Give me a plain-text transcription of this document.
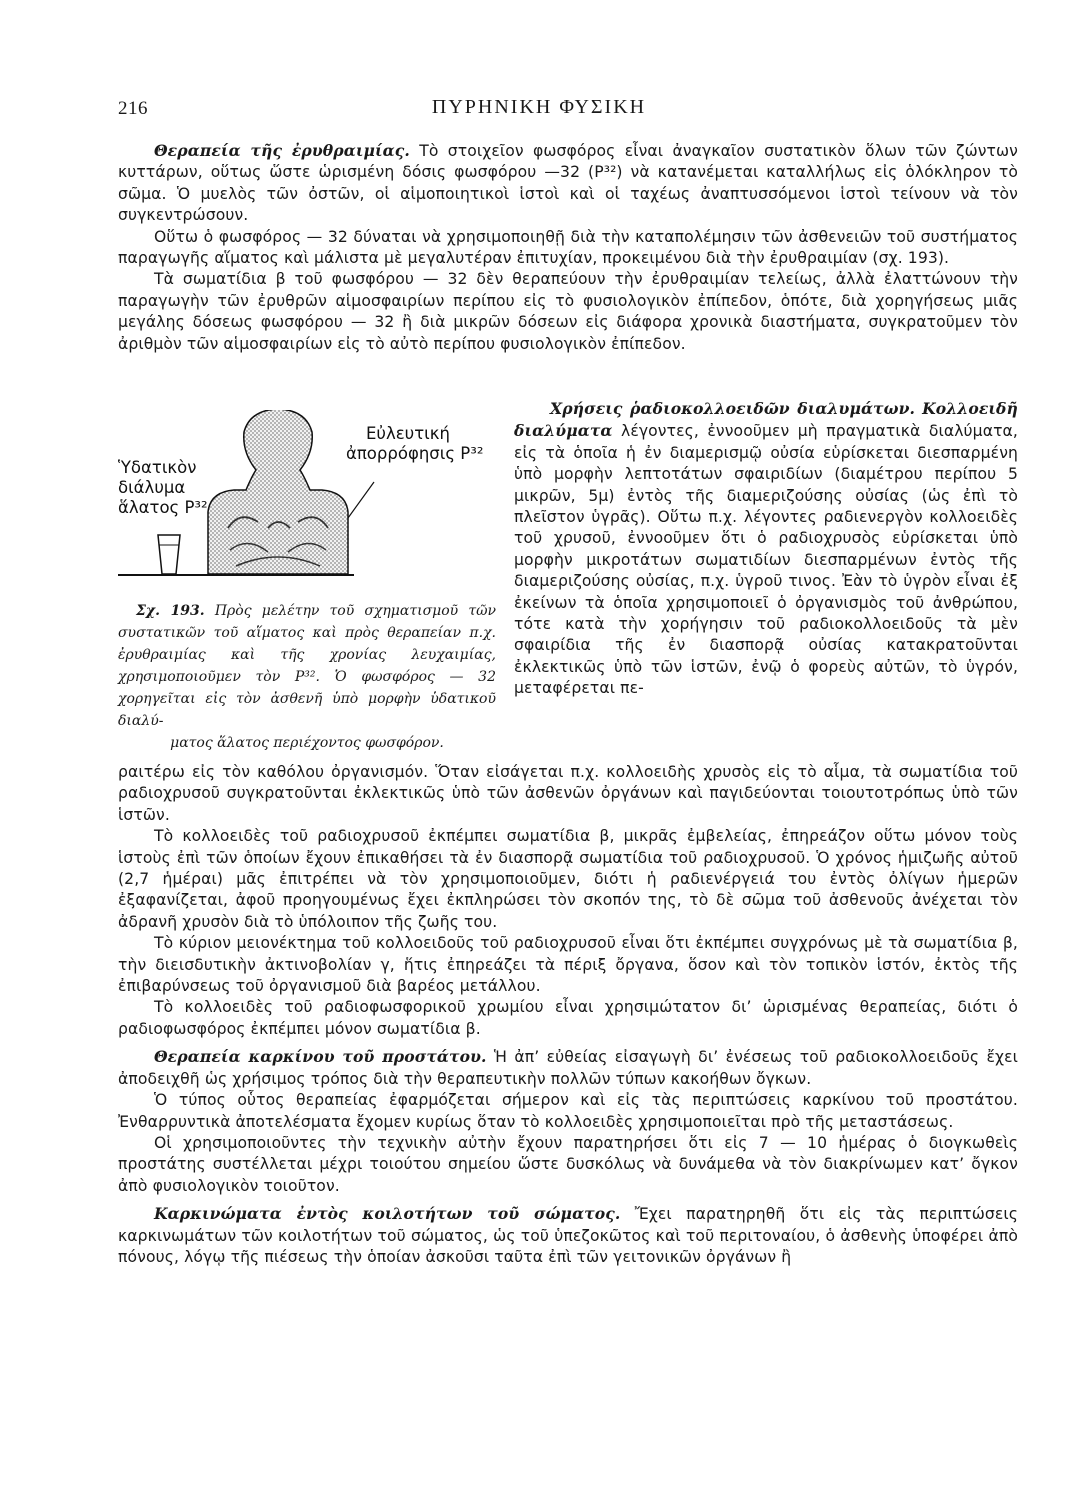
216	ΠΥΡΗΝΙΚΗ ΦΥΣΙΚΗ

Θεραπεία τῆς ἐρυθραιμίας. Τὸ στοιχεῖον φωσφόρος εἶναι ἀναγκαῖον συστατικὸν ὅλων τῶν ζώντων κυττάρων, οὕτως ὥστε ὡρισμένη δόσις φωσφόρου —32 (P³²) νὰ κατανέμεται καταλλήλως εἰς ὁλόκληρον τὸ σῶμα. Ὁ μυελὸς τῶν ὀστῶν, οἱ αἱμοποιητικοὶ ἱστοὶ καὶ οἱ ταχέως ἀναπτυσσόμενοι ἱστοὶ τείνουν νὰ τὸν συγκεντρώσουν.

Οὕτω ὁ φωσφόρος — 32 δύναται νὰ χρησιμοποιηθῇ διὰ τὴν καταπολέμησιν τῶν ἀσθενειῶν τοῦ συστήματος παραγωγῆς αἵματος καὶ μάλιστα μὲ μεγαλυτέραν ἐπιτυχίαν, προκειμένου διὰ τὴν ἐρυθραιμίαν (σχ. 193).

Τὰ σωματίδια β τοῦ φωσφόρου — 32 δὲν θεραπεύουν τὴν ἐρυθραιμίαν τελείως, ἀλλὰ ἐλαττώνουν τὴν παραγωγὴν τῶν ἐρυθρῶν αἱμοσφαιρίων περίπου εἰς τὸ φυσιολογικὸν ἐπίπεδον, ὁπότε, διὰ χορηγήσεως μιᾶς μεγάλης δόσεως φωσφόρου — 32 ἢ διὰ μικρῶν δόσεων εἰς διάφορα χρονικὰ διαστήματα, συγκρατοῦμεν τὸν ἀριθμὸν τῶν αἱμοσφαιρίων εἰς τὸ αὐτὸ περίπου φυσιολογικὸν ἐπίπεδον.

Χρήσεις ῥαδιοκολλοειδῶν διαλυμάτων. Κολλοειδῆ διαλύματα λέγοντες, ἐννοοῦμεν μὴ πραγματικὰ διαλύματα, εἰς τὰ ὁποῖα ἡ ἐν διαμερισμῷ οὐσία εὑρίσκεται διεσπαρμένη ὑπὸ μορφὴν λεπτοτάτων σφαιριδίων (διαμέτρου περίπου 5 μικρῶν, 5μ) ἐντὸς τῆς διαμεριζούσης οὐσίας (ὡς ἐπὶ τὸ πλεῖστον ὑγρᾶς). Οὕτω π.χ. λέγοντες ραδιενεργὸν κολλοειδὲς τοῦ χρυσοῦ, ἐννοοῦμεν ὅτι ὁ ραδιοχρυσὸς εὑρίσκεται ὑπὸ μορφὴν μικροτάτων σωματιδίων διεσπαρμένων ἐντὸς τῆς διαμεριζούσης οὐσίας, π.χ. ὑγροῦ τινος. Ἐὰν τὸ ὑγρὸν εἶναι ἐξ ἐκείνων τὰ ὁποῖα χρησιμοποιεῖ ὁ ὀργανισμὸς τοῦ ἀνθρώπου, τότε κατὰ τὴν χορήγησιν τοῦ ραδιοκολλοειδοῦς τὰ μὲν σφαιρίδια τῆς ἐν διασπορᾷ οὐσίας κατακρατοῦνται ἐκλεκτικῶς ὑπὸ τῶν ἱστῶν, ἐνῷ ὁ φορεὺς αὐτῶν, τὸ ὑγρόν, μεταφέρεται πε-

Ὑδατικὸν
διάλυμα
ἅλατος P³²
Εὐλευτική
ἀπορρόφησις P³²
Σχ. 193. Πρὸς μελέτην τοῦ σχηματισμοῦ τῶν συστατικῶν τοῦ αἵματος καὶ πρὸς θεραπείαν π.χ. ἐρυθραιμίας καὶ τῆς χρονίας λευχαιμίας, χρησιμοποιοῦμεν τὸν P³². Ὁ φωσφόρος — 32 χορηγεῖται εἰς τὸν ἀσθενῆ ὑπὸ μορφὴν ὑδατικοῦ διαλύ-
ματος ἅλατος περιέχοντος φωσφόρον.

ραιτέρω εἰς τὸν καθόλου ὀργανισμόν. Ὅταν εἰσάγεται π.χ. κολλοειδὴς χρυσὸς εἰς τὸ αἷμα, τὰ σωματίδια τοῦ ραδιοχρυσοῦ συγκρατοῦνται ἐκλεκτικῶς ὑπὸ τῶν ἀσθενῶν ὀργάνων καὶ παγιδεύονται τοιουτοτρόπως ὑπὸ τῶν ἱστῶν.

Τὸ κολλοειδὲς τοῦ ραδιοχρυσοῦ ἐκπέμπει σωματίδια β, μικρᾶς ἐμβελείας, ἐπηρεάζον οὕτω μόνον τοὺς ἱστοὺς ἐπὶ τῶν ὁποίων ἔχουν ἐπικαθήσει τὰ ἐν διασπορᾷ σωματίδια τοῦ ραδιοχρυσοῦ. Ὁ χρόνος ἡμιζωῆς αὐτοῦ (2,7 ἡμέραι) μᾶς ἐπιτρέπει νὰ τὸν χρησιμοποιοῦμεν, διότι ἡ ραδιενέργειά του ἐντὸς ὀλίγων ἡμερῶν ἐξαφανίζεται, ἀφοῦ προηγουμένως ἔχει ἐκπληρώσει τὸν σκοπόν της, τὸ δὲ σῶμα τοῦ ἀσθενοῦς ἀνέχεται τὸν ἀδρανῆ χρυσὸν διὰ τὸ ὑπόλοιπον τῆς ζωῆς του.

Τὸ κύριον μειονέκτημα τοῦ κολλοειδοῦς τοῦ ραδιοχρυσοῦ εἶναι ὅτι ἐκπέμπει συγχρόνως μὲ τὰ σωματίδια β, τὴν διεισδυτικὴν ἀκτινοβολίαν γ, ἥτις ἐπηρεάζει τὰ πέριξ ὄργανα, ὅσον καὶ τὸν τοπικὸν ἱστόν, ἐκτὸς τῆς ἐπιβαρύνσεως τοῦ ὀργανισμοῦ διὰ βαρέος μετάλλου.

Τὸ κολλοειδὲς τοῦ ραδιοφωσφορικοῦ χρωμίου εἶναι χρησιμώτατον δι’ ὡρισμένας θεραπείας, διότι ὁ ραδιοφωσφόρος ἐκπέμπει μόνον σωματίδια β.

Θεραπεία καρκίνου τοῦ προστάτου. Ἡ ἀπ’ εὐθείας εἰσαγωγὴ δι’ ἐνέσεως τοῦ ραδιοκολλοειδοῦς ἔχει ἀποδειχθῆ ὡς χρήσιμος τρόπος διὰ τὴν θεραπευτικὴν πολλῶν τύπων κακοήθων ὄγκων.

Ὁ τύπος οὗτος θεραπείας ἐφαρμόζεται σήμερον καὶ εἰς τὰς περιπτώσεις καρκίνου τοῦ προστάτου. Ἐνθαρρυντικὰ ἀποτελέσματα ἔχομεν κυρίως ὅταν τὸ κολλοειδὲς χρησιμοποιεῖται πρὸ τῆς μεταστάσεως.

Οἱ χρησιμοποιοῦντες τὴν τεχνικὴν αὐτὴν ἔχουν παρατηρήσει ὅτι εἰς 7 — 10 ἡμέρας ὁ διογκωθεὶς προστάτης συστέλλεται μέχρι τοιούτου σημείου ὥστε δυσκόλως νὰ δυνάμεθα νὰ τὸν διακρίνωμεν κατ’ ὄγκον ἀπὸ φυσιολογικὸν τοιοῦτον.

Καρκινώματα ἐντὸς κοιλοτήτων τοῦ σώματος. Ἔχει παρατηρηθῆ ὅτι εἰς τὰς περιπτώσεις καρκινωμάτων τῶν κοιλοτήτων τοῦ σώματος, ὡς τοῦ ὑπεζοκῶτος καὶ τοῦ περιτοναίου, ὁ ἀσθενὴς ὑποφέρει ἀπὸ πόνους, λόγῳ τῆς πιέσεως τὴν ὁποίαν ἀσκοῦσι ταῦτα ἐπὶ τῶν γειτονικῶν ὀργάνων ἢ
